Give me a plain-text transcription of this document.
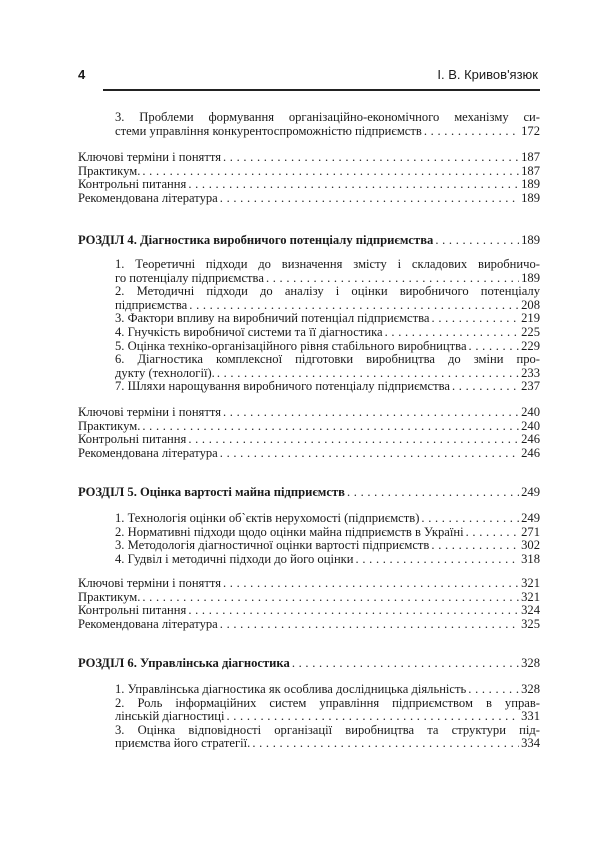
4	І. В. Кривов'язюк
3. Проблеми формування організаційно-економічного механізму си-
стеми управління конкурентоспроможністю підприємств . . .	172
Ключові терміни і поняття . . .	187
Практикум. . . .	187
Контрольні питання . . .	189
Рекомендована література . . .	189
РОЗДІЛ 4. Діагностика виробничого потенціалу підприємства . . .	189
1. Теоретичні підходи до визначення змісту і складових виробничо-
го потенціалу підприємства . . .	189
2. Методичні підходи до аналізу і оцінки виробничого потенціалу
підприємства . . .	208
3. Фактори впливу на виробничий потенціал підприємства . . .	219
4. Гнучкість виробничої системи та її діагностика . . .	225
5. Оцінка техніко-організаційного рівня стабільного виробництва . . .	229
6. Діагностика комплексної підготовки виробництва до зміни про-
дукту (технології). . . .	233
7. Шляхи нарощування виробничого потенціалу підприємства . . .	237
Ключові терміни і поняття . . .	240
Практикум. . . .	240
Контрольні питання . . .	246
Рекомендована література . . .	246
РОЗДІЛ 5. Оцінка вартості майна підприємств . . .	249
1. Технологія оцінки об`єктів нерухомості (підприємств) . . .	249
2. Нормативні підходи щодо оцінки майна підприємств в Україні . . .	271
3. Методологія діагностичної оцінки вартості підприємств . . .	302
4. Гудвіл і методичні підходи до його оцінки . . .	318
Ключові терміни і поняття . . .	321
Практикум. . . .	321
Контрольні питання . . .	324
Рекомендована література . . .	325
РОЗДІЛ 6. Управлінська діагностика . . .	328
1. Управлінська діагностика як особлива дослідницька діяльність . . .	328
2. Роль інформаційних систем управління підприємством в управ-
лінській діагностиці . . .	331
3. Оцінка відповідності організації виробництва та структури під-
приємства його стратегії. . . .	334
